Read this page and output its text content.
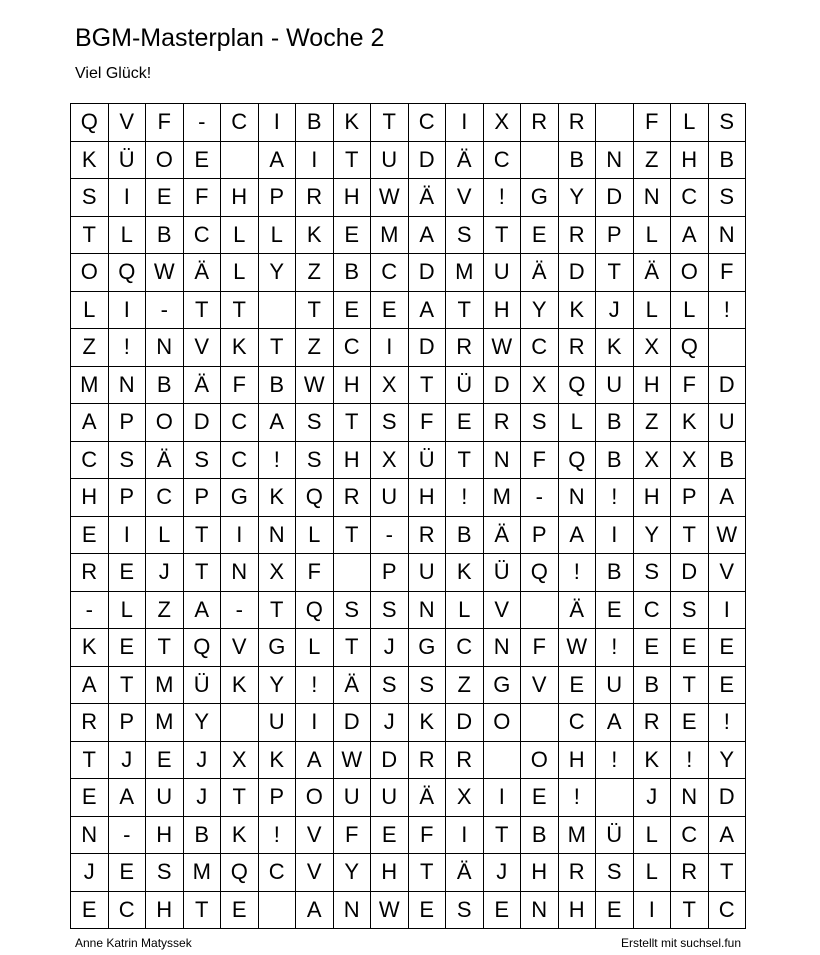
BGM-Masterplan - Woche 2
Viel Glück!
Q	V	F	-	C	I	B	K	T	C	I	X	R	R		F	L	S
K	Ü	O	E		A	I	T	U	D	Ä	C		B	N	Z	H	B
S	I	E	F	H	P	R	H	W	Ä	V	!	G	Y	D	N	C	S
T	L	B	C	L	L	K	E	M	A	S	T	E	R	P	L	A	N
O	Q	W	Ä	L	Y	Z	B	C	D	M	U	Ä	D	T	Ä	O	F
L	I	-	T	T		T	E	E	A	T	H	Y	K	J	L	L	!
Z	!	N	V	K	T	Z	C	I	D	R	W	C	R	K	X	Q	
M	N	B	Ä	F	B	W	H	X	T	Ü	D	X	Q	U	H	F	D
A	P	O	D	C	A	S	T	S	F	E	R	S	L	B	Z	K	U
C	S	Ä	S	C	!	S	H	X	Ü	T	N	F	Q	B	X	X	B
H	P	C	P	G	K	Q	R	U	H	!	M	-	N	!	H	P	A
E	I	L	T	I	N	L	T	-	R	B	Ä	P	A	I	Y	T	W
R	E	J	T	N	X	F		P	U	K	Ü	Q	!	B	S	D	V
-	L	Z	A	-	T	Q	S	S	N	L	V		Ä	E	C	S	I
K	E	T	Q	V	G	L	T	J	G	C	N	F	W	!	E	E	E
A	T	M	Ü	K	Y	!	Ä	S	S	Z	G	V	E	U	B	T	E
R	P	M	Y		U	I	D	J	K	D	O		C	A	R	E	!
T	J	E	J	X	K	A	W	D	R	R		O	H	!	K	!	Y
E	A	U	J	T	P	O	U	U	Ä	X	I	E	!		J	N	D
N	-	H	B	K	!	V	F	E	F	I	T	B	M	Ü	L	C	A
J	E	S	M	Q	C	V	Y	H	T	Ä	J	H	R	S	L	R	T
E	C	H	T	E		A	N	W	E	S	E	N	H	E	I	T	C
Anne Katrin Matyssek	Erstellt mit suchsel.fun
